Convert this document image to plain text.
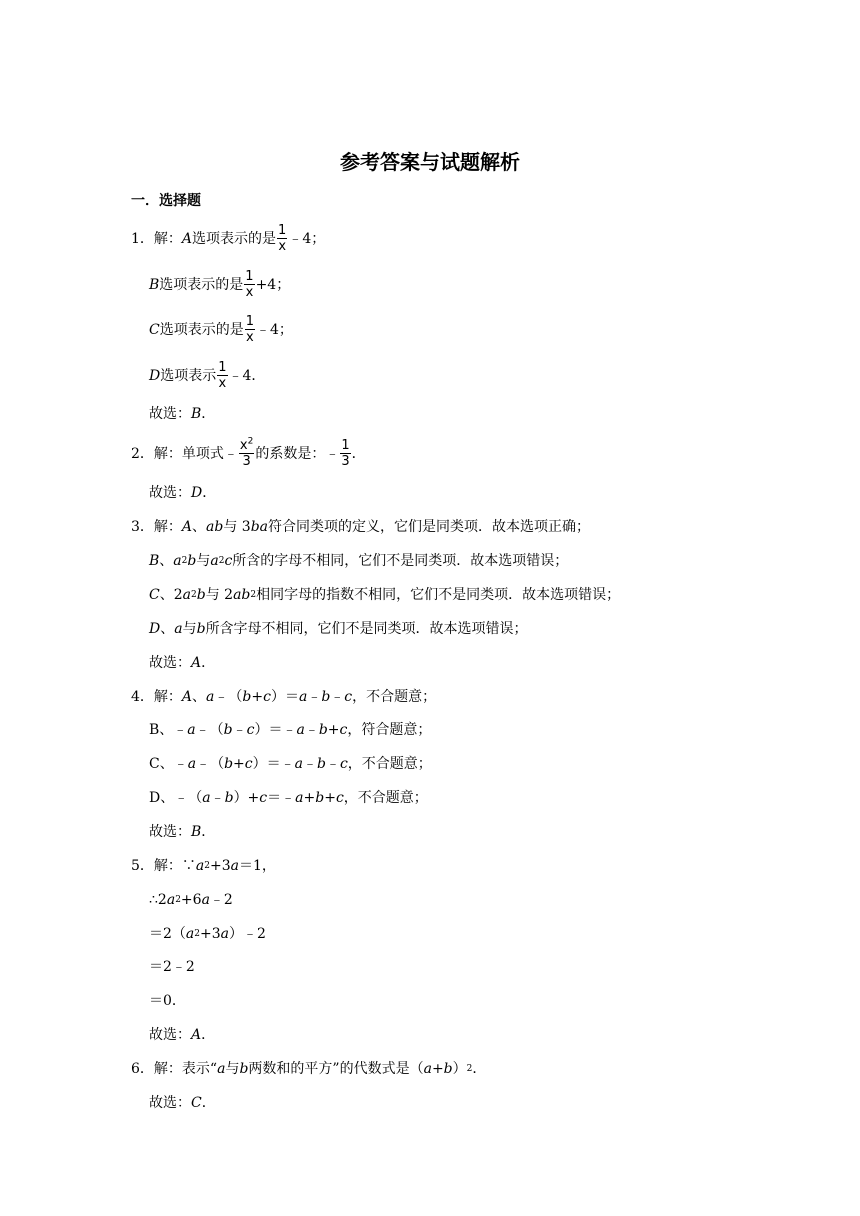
参考答案与试题解析
一．选择题
1．解： A 选项表示的是 $\frac{1}{x}$ ﹣4；
B 选项表示的是 $\frac{1}{x} +4$；
C 选项表示的是 $\frac{1}{x}$ ﹣4；
D 选项表示 $\frac{1}{x}$ ﹣4．
故选： B ．
2．解：单项式﹣ $\frac{x^2}{3}$ 的系数是：﹣ $\frac{1}{3}$ ．
故选： D ．
3．解： A 、 ab 与 3 ba 符合同类项的定义，它们是同类项．故本选项正确；
B 、 a 2 b 与 a 2 c 所含的字母不相同，它们不是同类项．故本选项错误；
C 、2 a 2 b 与 2 ab 2 相同字母的指数不相同，它们不是同类项．故本选项错误；
D 、 a 与 b 所含字母不相同，它们不是同类项．故本选项错误；
故选： A ．
4．解： A 、 a ﹣（ b + c ）＝ a ﹣ b ﹣ c ，不合题意；
B、﹣ a ﹣（ b ﹣ c ）＝﹣ a ﹣ b + c ，符合题意；
C、﹣ a ﹣（ b + c ）＝﹣ a ﹣ b ﹣ c ，不合题意；
D、﹣（ a ﹣ b ）+ c ＝﹣ a + b + c ，不合题意；
故选： B ．
5．解：∵ a 2 +3 a ＝1，
∴2 a 2 +6 a ﹣2
＝2（ a 2 +3 a ）﹣2
＝2﹣2
＝0．
故选： A ．
6．解：表示“ a 与 b 两数和的平方”的代数式是（ a + b ） 2 ．
故选： C ．
